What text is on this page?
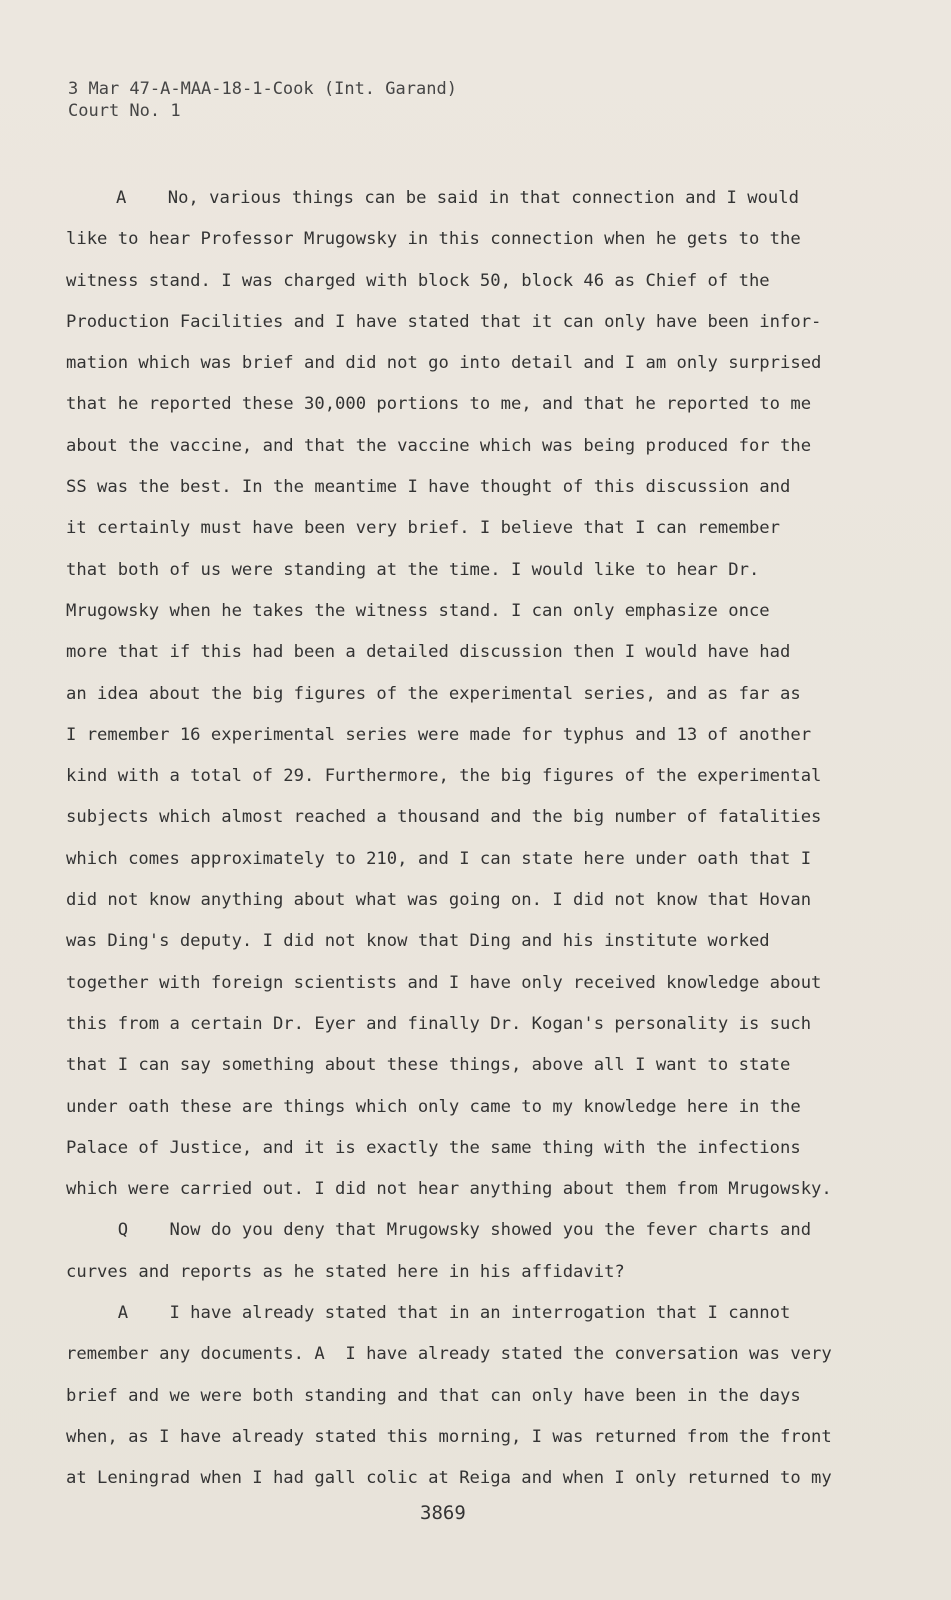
3 Mar 47-A-MAA-18-1-Cook (Int. Garand)
Court No. 1
A    No, various things can be said in that connection and I would
like to hear Professor Mrugowsky in this connection when he gets to the
witness stand. I was charged with block 50, block 46 as Chief of the
Production Facilities and I have stated that it can only have been infor-
mation which was brief and did not go into detail and I am only surprised
that he reported these 30,000 portions to me, and that he reported to me
about the vaccine, and that the vaccine which was being produced for the
SS was the best. In the meantime I have thought of this discussion and
it certainly must have been very brief. I believe that I can remember
that both of us were standing at the time. I would like to hear Dr.
Mrugowsky when he takes the witness stand. I can only emphasize once
more that if this had been a detailed discussion then I would have had
an idea about the big figures of the experimental series, and as far as
I remember 16 experimental series were made for typhus and 13 of another
kind with a total of 29. Furthermore, the big figures of the experimental
subjects which almost reached a thousand and the big number of fatalities
which comes approximately to 210, and I can state here under oath that I
did not know anything about what was going on. I did not know that Hovan
was Ding's deputy. I did not know that Ding and his institute worked
together with foreign scientists and I have only received knowledge about
this from a certain Dr. Eyer and finally Dr. Kogan's personality is such
that I can say something about these things, above all I want to state
under oath these are things which only came to my knowledge here in the
Palace of Justice, and it is exactly the same thing with the infections
which were carried out. I did not hear anything about them from Mrugowsky.
Q    Now do you deny that Mrugowsky showed you the fever charts and
curves and reports as he stated here in his affidavit?
A    I have already stated that in an interrogation that I cannot
remember any documents. A  I have already stated the conversation was very
brief and we were both standing and that can only have been in the days
when, as I have already stated this morning, I was returned from the front
at Leningrad when I had gall colic at Reiga and when I only returned to my
3869
